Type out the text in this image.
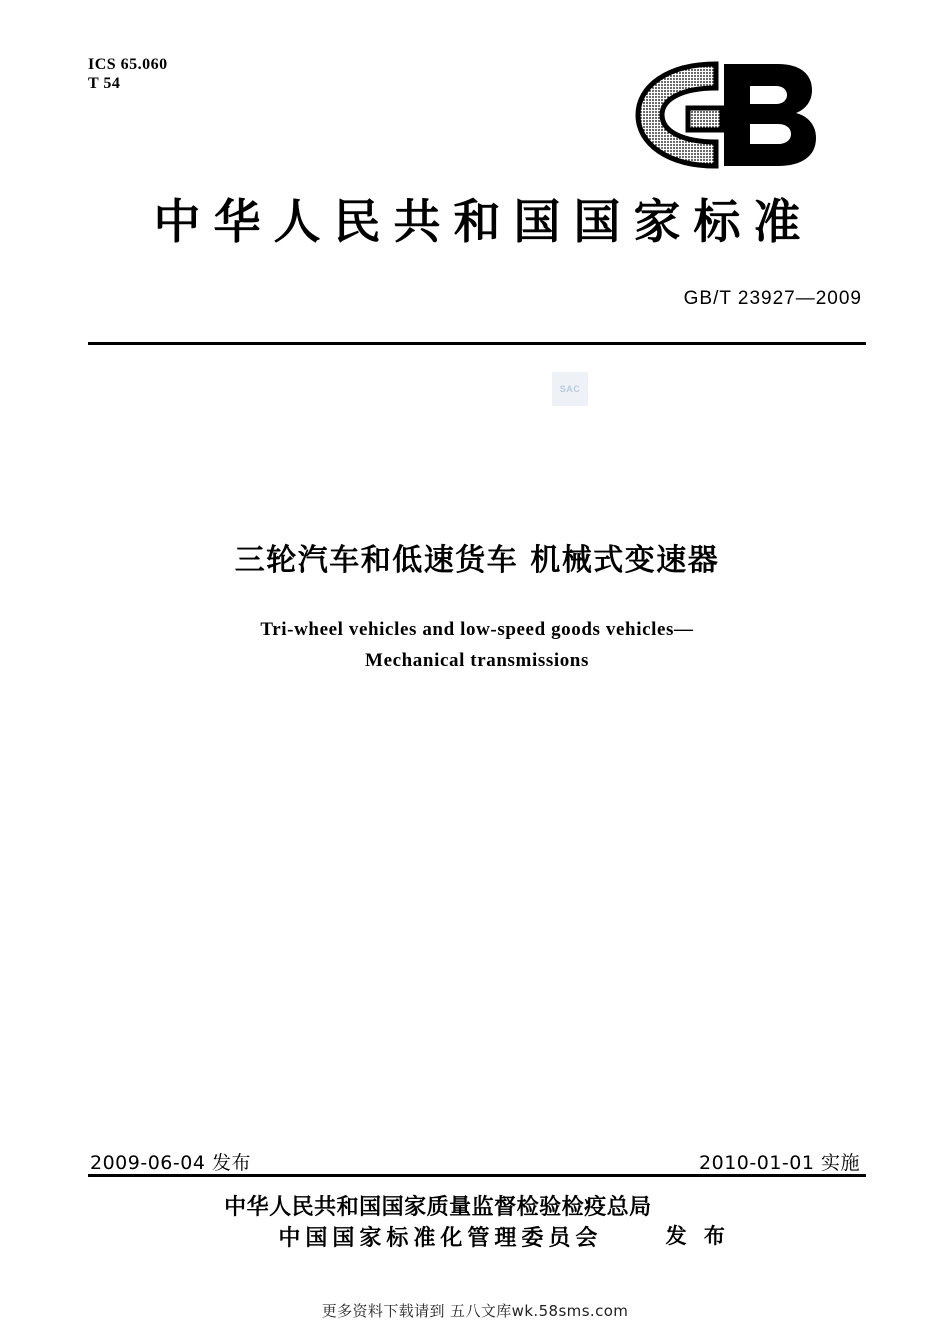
ICS 65.060
T 54
中华人民共和国国家标准
GB/T 23927—2009
SAC
三轮汽车和低速货车 机械式变速器
Tri-wheel vehicles and low-speed goods vehicles—
Mechanical transmissions
2009-06-04 发布	2010-01-01 实施
中华人民共和国国家质量监督检验检疫总局
中国国家标准化管理委员会	发 布
更多资料下载请到 五八文库wk.58sms.com
